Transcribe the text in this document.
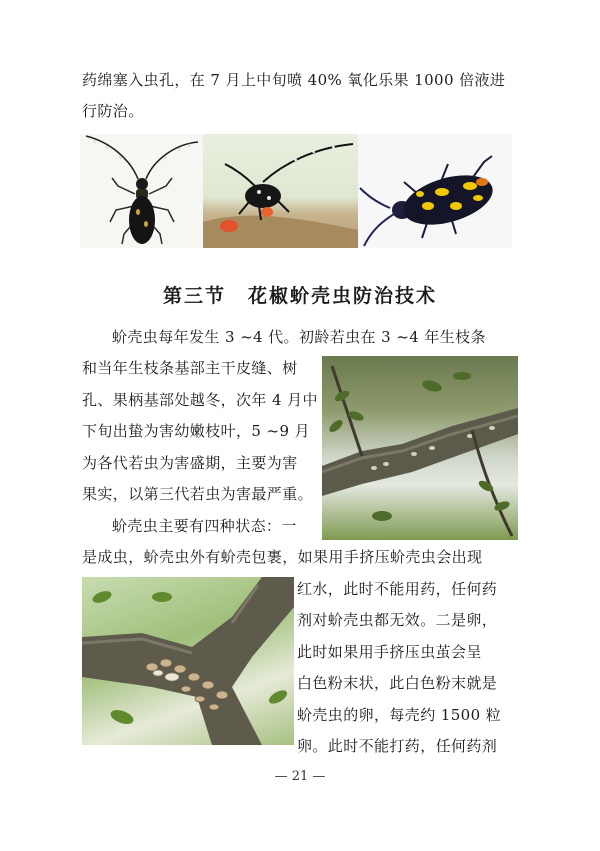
药绵塞入虫孔，在 7 月上中旬喷 40% 氧化乐果 1000 倍液进
行防治。
第三节 花椒蚧壳虫防治技术
蚧壳虫每年发生 3 ~4 代。初龄若虫在 3 ~4 年生枝条
和当年生枝条基部主干皮缝、树
孔、果柄基部处越冬，次年 4 月中
下旬出蛰为害幼嫩枝叶，5 ~9 月
为各代若虫为害盛期，主要为害
果实，以第三代若虫为害最严重。
蚧壳虫主要有四种状态：一
是成虫，蚧壳虫外有蚧壳包裹，如果用手挤压蚧壳虫会出现
红水，此时不能用药，任何药
剂对蚧壳虫都无效。二是卵，
此时如果用手挤压虫茧会呈
白色粉末状，此白色粉末就是
蚧壳虫的卵，每壳约 1500 粒
卵。此时不能打药，任何药剂
— 21 —
